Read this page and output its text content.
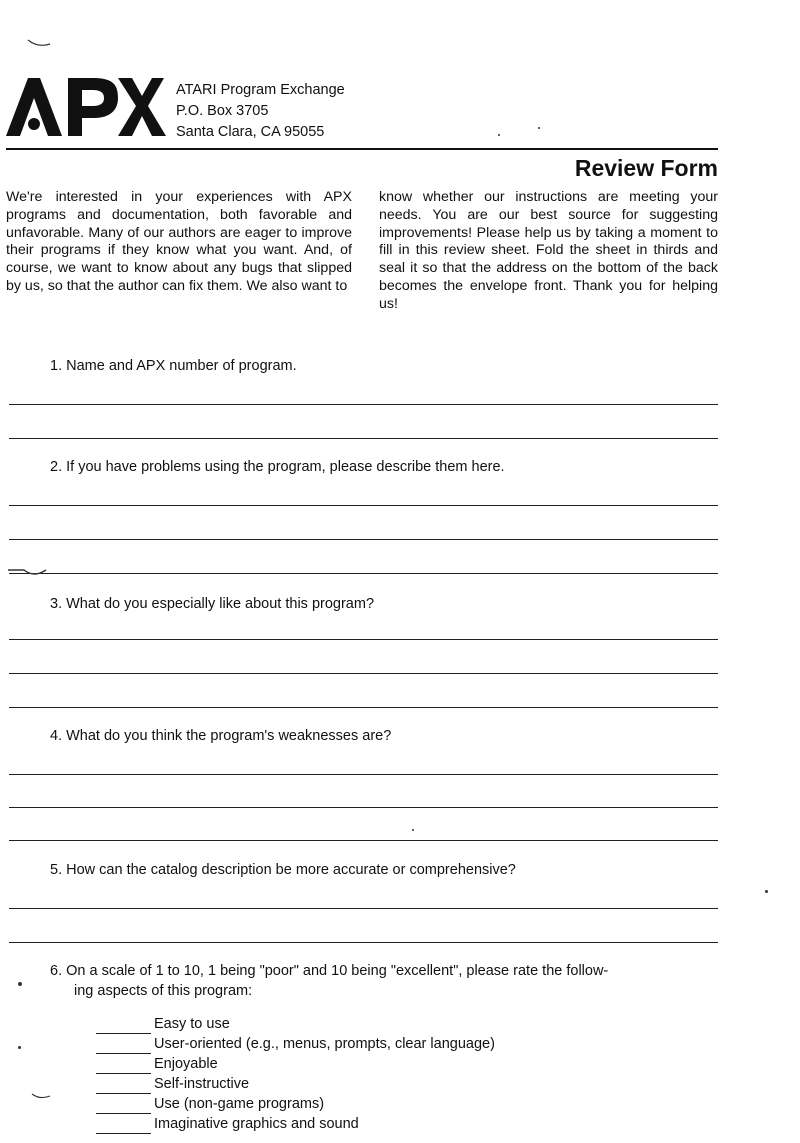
ATARI Program Exchange
P.O. Box 3705
Santa Clara, CA 95055
Review Form

We're interested in your experiences with APX programs and documentation, both favorable and unfavorable. Many of our authors are eager to improve their programs if they know what you want. And, of course, we want to know about any bugs that slipped by us, so that the author can fix them. We also want to

know whether our instructions are meeting your needs. You are our best source for suggesting improvements! Please help us by taking a moment to fill in this review sheet. Fold the sheet in thirds and seal it so that the address on the bottom of the back becomes the envelope front. Thank you for helping us!

1. Name and APX number of program.
2. If you have problems using the program, please describe them here.
3. What do you especially like about this program?
4. What do you think the program's weaknesses are?
5. How can the catalog description be more accurate or comprehensive?
6. On a scale of 1 to 10, 1 being "poor" and 10 being "excellent", please rate the follow-
ing aspects of this program:
Easy to use
User-oriented (e.g., menus, prompts, clear language)
Enjoyable
Self-instructive
Use (non-game programs)
Imaginative graphics and sound
